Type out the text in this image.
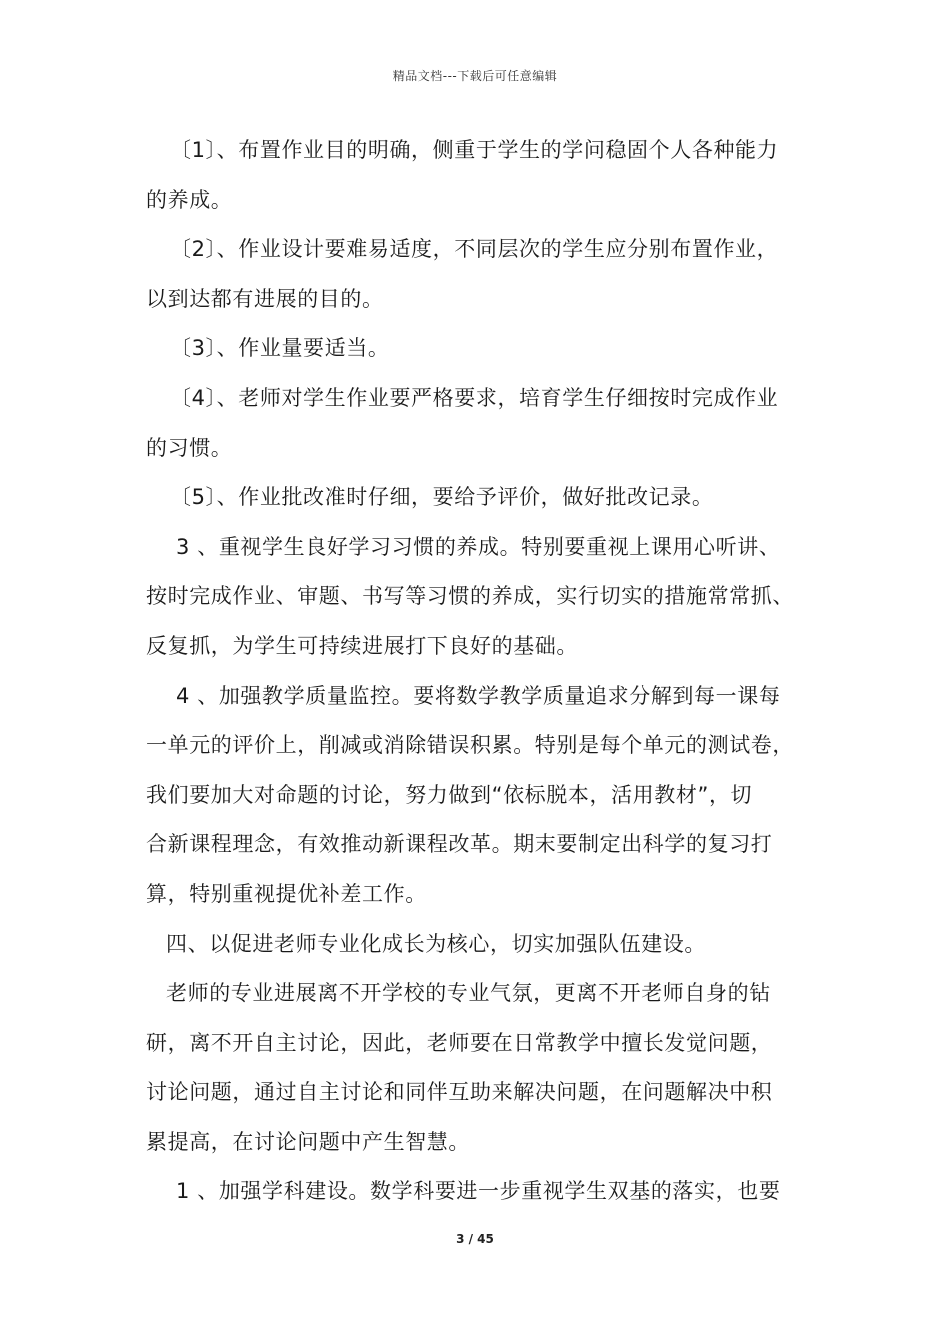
精品文档---下载后可任意编辑
〔1〕、布置作业目的明确，侧重于学生的学问稳固个人各种能力
的养成。
〔2〕、作业设计要难易适度，不同层次的学生应分别布置作业，
以到达都有进展的目的。
〔3〕、作业量要适当。
〔4〕、老师对学生作业要严格要求，培育学生仔细按时完成作业
的习惯。
〔5〕、作业批改准时仔细，要给予评价，做好批改记录。
3 、重视学生良好学习习惯的养成。特别要重视上课用心听讲、
按时完成作业、审题、书写等习惯的养成，实行切实的措施常常抓、
反复抓，为学生可持续进展打下良好的基础。
4 、加强教学质量监控。要将数学教学质量追求分解到每一课每
一单元的评价上，削减或消除错误积累。特别是每个单元的测试卷，
我们要加大对命题的讨论，努力做到“依标脱本，活用教材”，切
合新课程理念，有效推动新课程改革。期末要制定出科学的复习打
算，特别重视提优补差工作。
四、以促进老师专业化成长为核心，切实加强队伍建设。
老师的专业进展离不开学校的专业气氛，更离不开老师自身的钻
研，离不开自主讨论，因此，老师要在日常教学中擅长发觉问题，
讨论问题，通过自主讨论和同伴互助来解决问题，在问题解决中积
累提高，在讨论问题中产生智慧。
1 、加强学科建设。数学科要进一步重视学生双基的落实，也要
3 / 45
